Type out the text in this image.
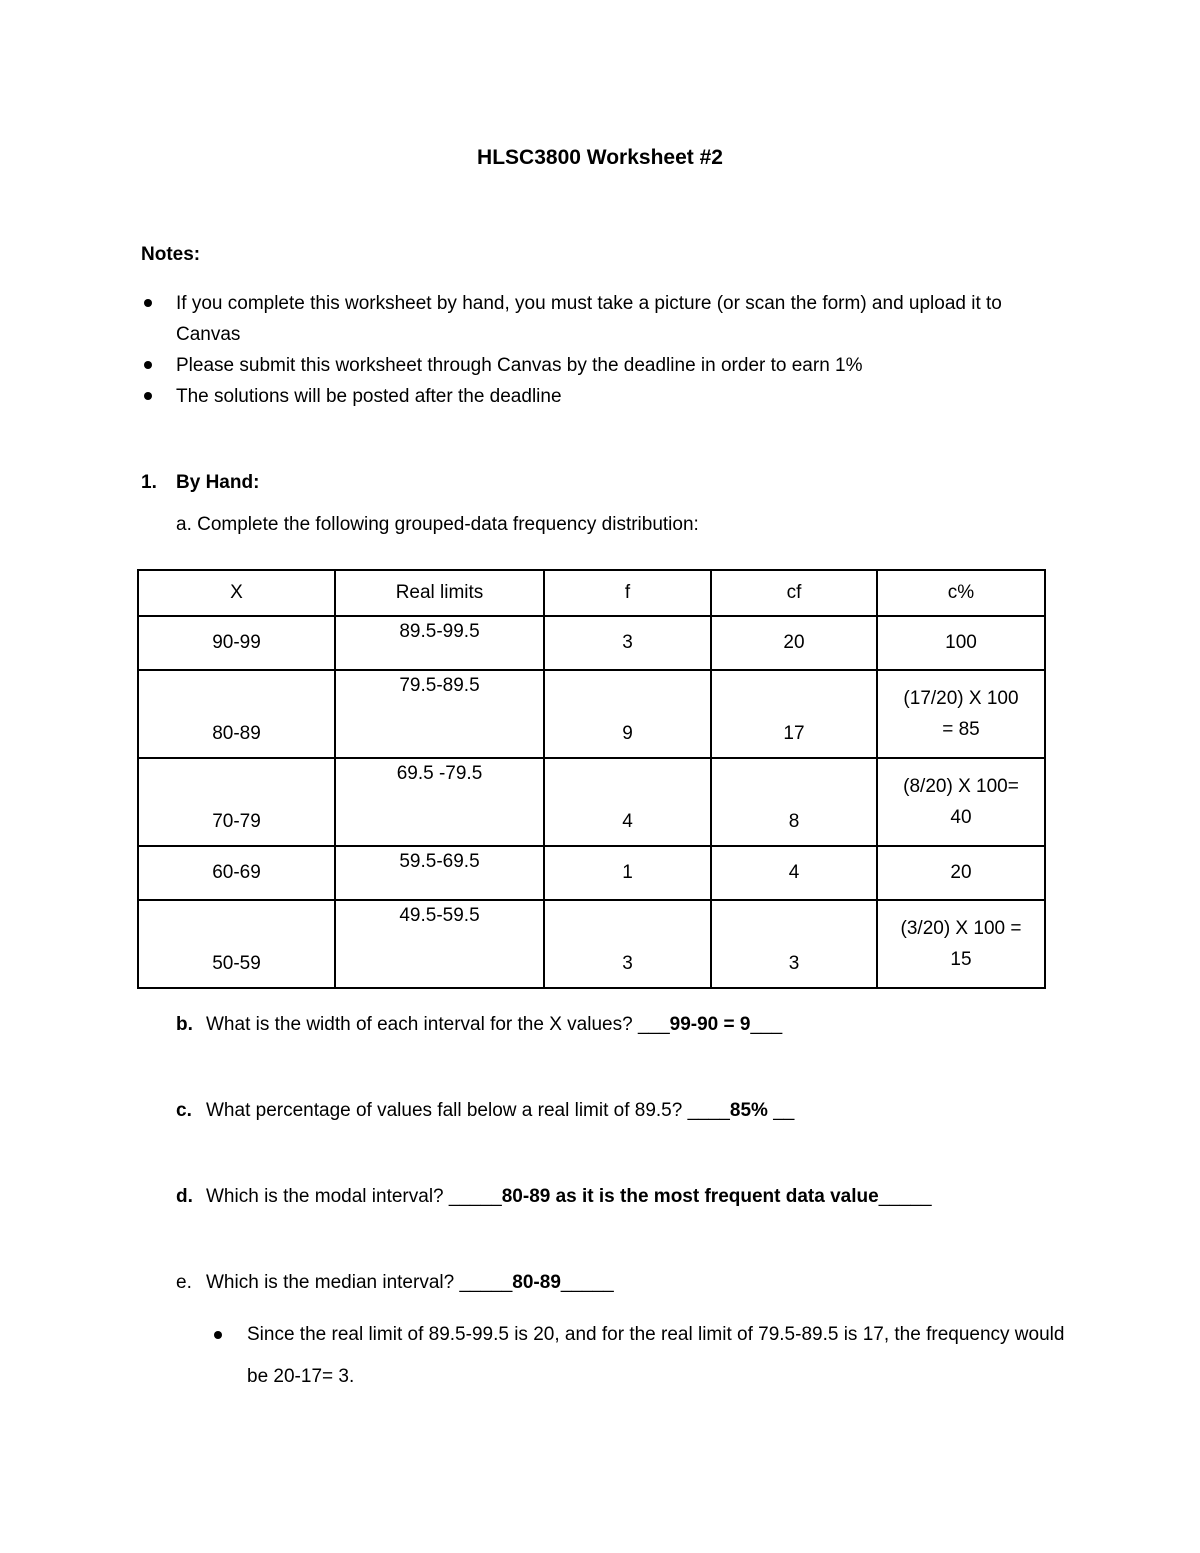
HLSC3800 Worksheet #2
Notes:
If you complete this worksheet by hand, you must take a picture (or scan the form) and upload it to Canvas
Please submit this worksheet through Canvas by the deadline in order to earn 1%
The solutions will be posted after the deadline
1. By Hand:
a. Complete the following grouped-data frequency distribution:
X	Real limits	f	cf	c%
90-99	89.5-99.5	3	20	100
80-89	79.5-89.5	9	17	(17/20) X 100
= 85

70-79	69.5 -79.5	4	8	(8/20) X 100=
40

60-69	59.5-69.5	1	4	20
50-59	49.5-59.5	3	3	(3/20) X 100 =
15
b. What is the width of each interval for the X values? ___99-90 = 9___
c. What percentage of values fall below a real limit of 89.5? ____85% __
d. Which is the modal interval? _____80-89 as it is the most frequent data value_____
e. Which is the median interval? _____80-89_____
Since the real limit of 89.5-99.5 is 20, and for the real limit of 79.5-89.5 is 17, the frequency would be 20-17= 3.
